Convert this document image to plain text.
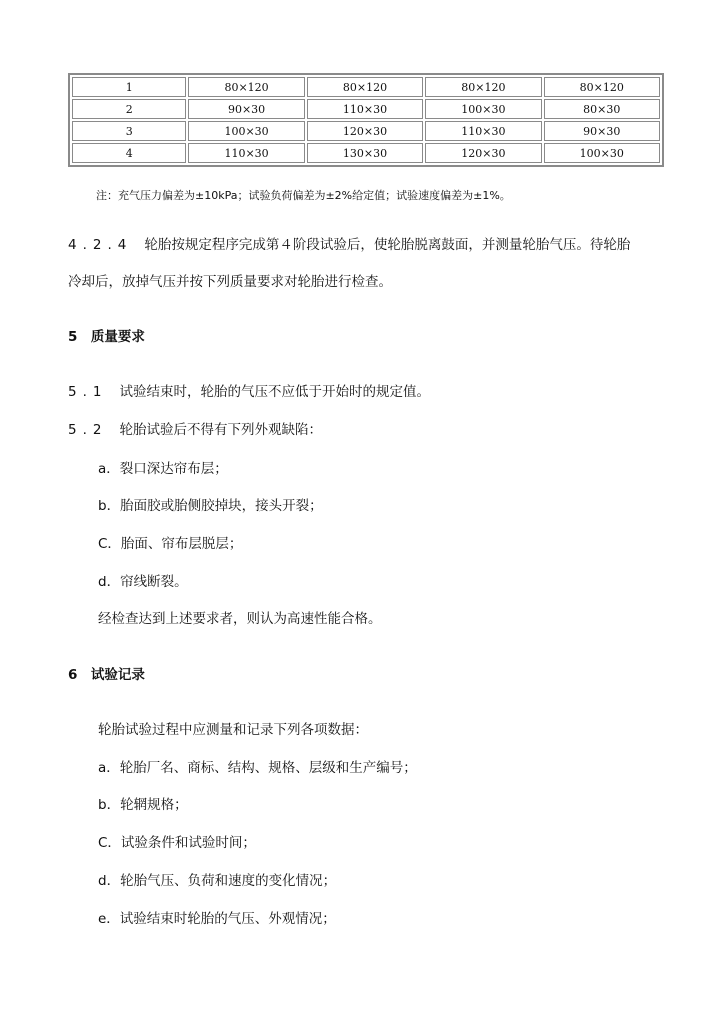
1	80×120	80×120	80×120	80×120
2	90×30	110×30	100×30	80×30
3	100×30	120×30	110×30	90×30
4	110×30	130×30	120×30	100×30
注：充气压力偏差为±10kPa；试验负荷偏差为±2%给定值；试验速度偏差为±1%。
4.2.4 轮胎按规定程序完成第４阶段试验后，使轮胎脱离鼓面，并测量轮胎气压。待轮胎
冷却后，放掉气压并按下列质量要求对轮胎进行检查。
5　质量要求
5.1 试验结束时，轮胎的气压不应低于开始时的规定值。
5.2 轮胎试验后不得有下列外观缺陷：
a．裂口深达帘布层；
b．胎面胶或胎侧胶掉块，接头开裂；
C．胎面、帘布层脱层；
d．帘线断裂。
经检查达到上述要求者，则认为高速性能合格。
6　试验记录
轮胎试验过程中应测量和记录下列各项数据：
a．轮胎厂名、商标、结构、规格、层级和生产编号；
b．轮辋规格；
C．试验条件和试验时间；
d．轮胎气压、负荷和速度的变化情况；
e．试验结束时轮胎的气压、外观情况；
